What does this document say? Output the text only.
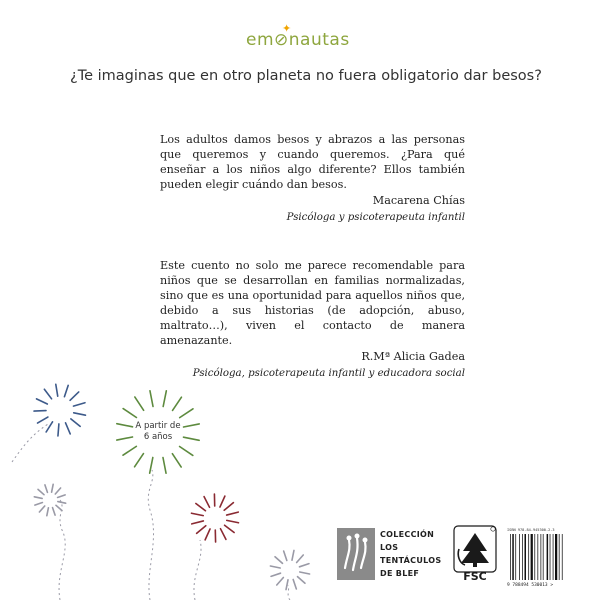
em⊘nautas
✦
¿Te imaginas que en otro planeta no fuera obligatorio dar besos?
Los adultos damos besos y abrazos a las personas que queremos y cuando queremos. ¿Para qué enseñar a los niños algo diferente? Ellos también pueden elegir cuándo dan besos.
Macarena Chías
Psicóloga y psicoterapeuta infantil
Este cuento no solo me parece recomendable para niños que se desarrollan en familias normalizadas, sino que es una oportunidad para aquellos niños que, debido a sus historias (de adopción, abuso, maltrato…), viven el contacto de manera amenazante.
R.Mª Alicia Gadea
Psicóloga, psicoterapeuta infantil y educadora social
A partir de
6 años
COLECCIÓN
LOS TENTÁCULOS
DE BLEF	FSC
ISBN 978-84-945300-2-3
9 788494 530013 >
